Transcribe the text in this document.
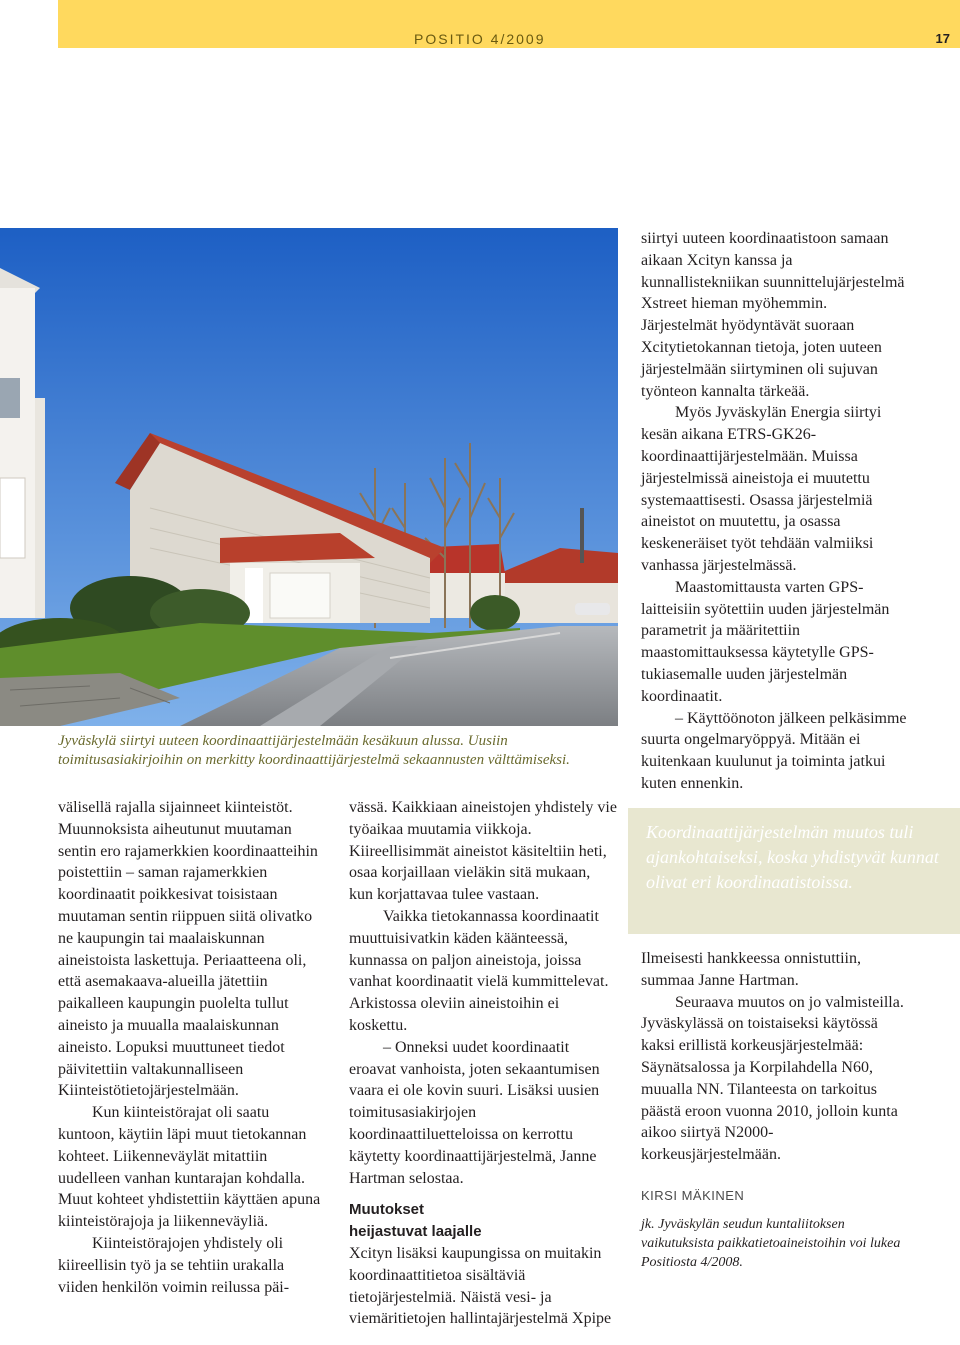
POSITIO 4/2009	17
Jyväskylä siirtyi uuteen koordinaattijärjestelmään kesäkuun alussa. Uusiin toimitusasiakirjoihin on merkitty koordinaattijärjestelmä sekaannusten välttämiseksi.

välisellä rajalla sijainneet kiinteistöt. Muunnoksista aiheutunut muutaman sentin ero rajamerkkien koordinaatteihin poistettiin – saman rajamerkkien koordinaatit poikkesivat toisistaan muutaman sentin riippuen siitä olivatko ne kaupungin tai maalaiskunnan aineistoista laskettuja. Periaatteena oli, että asemakaava-alueilla jätettiin paikalleen kaupungin puolelta tullut aineisto ja muualla maalaiskunnan aineisto. Lopuksi muuttuneet tiedot päivitettiin valtakunnalliseen Kiinteistötietojärjestelmään.

Kun kiinteistörajat oli saatu kuntoon, käytiin läpi muut tietokannan kohteet. Liikenneväylät mitattiin uudelleen vanhan kuntarajan kohdalla. Muut kohteet yhdistettiin käyttäen apuna kiinteistörajoja ja liikenneväyliä.

Kiinteistörajojen yhdistely oli kiireellisin työ ja se tehtiin urakalla viiden henkilön voimin reilussa päi-

vässä. Kaikkiaan aineistojen yhdistely vie työaikaa muutamia viikkoja. Kiireellisimmät aineistot käsiteltiin heti, osaa korjaillaan vieläkin sitä mukaan, kun korjattavaa tulee vastaan.

Vaikka tietokannassa koordinaatit muuttuisivatkin käden käänteessä, kunnassa on paljon aineistoja, joissa vanhat koordinaatit vielä kummittelevat. Arkistossa oleviin aineistoihin ei koskettu.

– Onneksi uudet koordinaatit eroavat vanhoista, joten sekaantumisen vaara ei ole kovin suuri. Lisäksi uusien toimitusasiakirjojen koordinaattiluetteloissa on kerrottu käytetty koordinaattijärjestelmä, Janne Hartman selostaa.

Muutokset
heijastuvat laajalle

Xcityn lisäksi kaupungissa on muitakin koordinaattitietoa sisältäviä tietojärjestelmiä. Näistä vesi- ja viemäritietojen hallintajärjestelmä Xpipe

siirtyi uuteen koordinaatistoon samaan aikaan Xcityn kanssa ja kunnallistekniikan suunnittelujärjestelmä Xstreet hieman myöhemmin. Järjestelmät hyödyntävät suoraan Xcitytietokannan tietoja, joten uuteen järjestelmään siirtyminen oli sujuvan työnteon kannalta tärkeää.

Myös Jyväskylän Energia siirtyi kesän aikana ETRS-GK26-koordinaattijärjestelmään. Muissa järjestelmissä aineistoja ei muutettu systemaattisesti. Osassa järjestelmiä aineistot on muutettu, ja osassa keskeneräiset työt tehdään valmiiksi vanhassa järjestelmässä.

Maastomittausta varten GPS-laitteisiin syötettiin uuden järjestelmän parametrit ja määritettiin maastomittauksessa käytetylle GPS-tukiasemalle uuden järjestelmän koordinaatit.

– Käyttöönoton jälkeen pelkäsimme suurta ongelmaryöppyä. Mitään ei kuitenkaan kuulunut ja toiminta jatkui kuten ennenkin.

Koordinaattijärjestelmän muutos tuli ajankohtaiseksi, koska yhdistyvät kunnat olivat eri koordinaatistoissa.

Ilmeisesti hankkeessa onnistuttiin, summaa Janne Hartman.

Seuraava muutos on jo valmisteilla. Jyväskylässä on toistaiseksi käytössä kaksi erillistä korkeusjärjestelmää: Säynätsalossa ja Korpilahdella N60, muualla NN. Tilanteesta on tarkoitus päästä eroon vuonna 2010, jolloin kunta aikoo siirtyä N2000-korkeusjärjestelmään.

KIRSI MÄKINEN
jk. Jyväskylän seudun kuntaliitoksen vaikutuksista paikkatietoaineistoihin voi lukea Positiosta 4/2008.
